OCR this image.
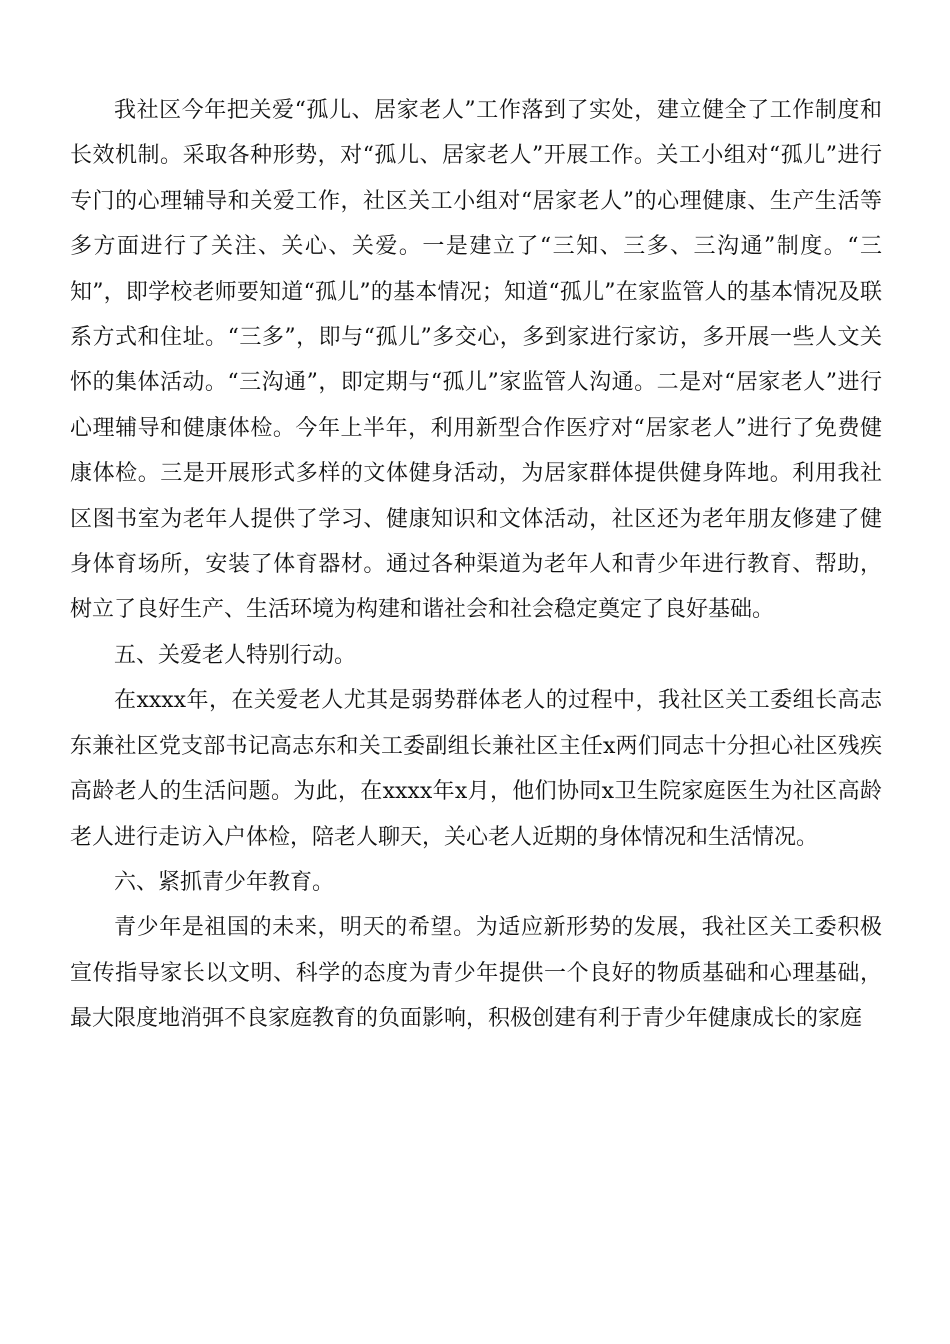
我社区今年把关爱“孤儿、居家老人”工作落到了实处，建立健全了工作制度和长效机制。采取各种形势，对“孤儿、居家老人”开展工作。关工小组对“孤儿”进行专门的心理辅导和关爱工作，社区关工小组对“居家老人”的心理健康、生产生活等多方面进行了关注、关心、关爱。一是建立了“三知、三多、三沟通”制度。“三知”，即学校老师要知道“孤儿”的基本情况；知道“孤儿”在家监管人的基本情况及联系方式和住址。“三多”，即与“孤儿”多交心，多到家进行家访，多开展一些人文关怀的集体活动。“三沟通”，即定期与“孤儿”家监管人沟通。二是对“居家老人”进行心理辅导和健康体检。今年上半年，利用新型合作医疗对“居家老人”进行了免费健康体检。三是开展形式多样的文体健身活动，为居家群体提供健身阵地。利用我社区图书室为老年人提供了学习、健康知识和文体活动，社区还为老年朋友修建了健身体育场所，安装了体育器材。通过各种渠道为老年人和青少年进行教育、帮助，树立了良好生产、生活环境为构建和谐社会和社会稳定奠定了良好基础。

五、关爱老人特别行动。

在xxxx年，在关爱老人尤其是弱势群体老人的过程中，我社区关工委组长高志东兼社区党支部书记高志东和关工委副组长兼社区主任x两们同志十分担心社区残疾高龄老人的生活问题。为此，在xxxx年x月，他们协同x卫生院家庭医生为社区高龄老人进行走访入户体检，陪老人聊天，关心老人近期的身体情况和生活情况。

六、紧抓青少年教育。

青少年是祖国的未来，明天的希望。为适应新形势的发展，我社区关工委积极宣传指导家长以文明、科学的态度为青少年提供一个良好的物质基础和心理基础，最大限度地消弭不良家庭教育的负面影响，积极创建有利于青少年健康成长的家庭
